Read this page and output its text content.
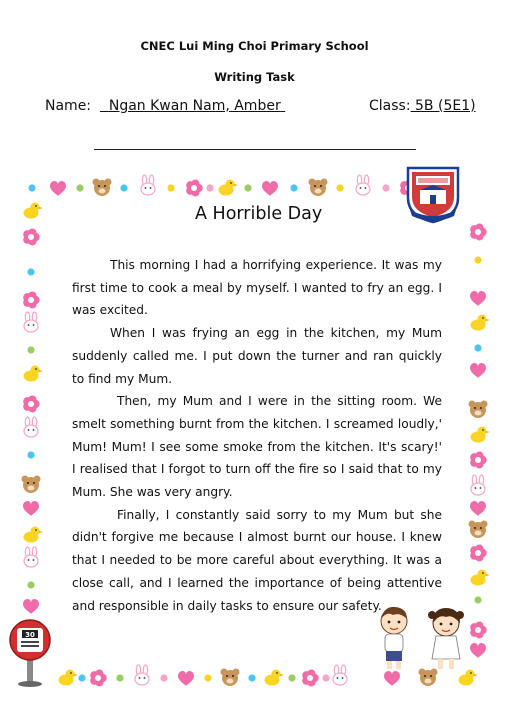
CNEC Lui Ming Choi Primary School
Writing Task
Name: Ngan Kwan Nam, Amber	Class: 5B (5E1)
30
A Horrible Day

This morning I had a horrifying experience. It was my first time to cook a meal by myself. I wanted to fry an egg. I was excited.

When I was frying an egg in the kitchen, my Mum suddenly called me. I put down the turner and ran quickly to find my Mum.

Then, my Mum and I were in the sitting room. We smelt something burnt from the kitchen. I screamed loudly,' Mum! Mum! I see some smoke from the kitchen. It's scary!' I realised that I forgot to turn off the fire so I said that to my Mum. She was very angry.

Finally, I constantly said sorry to my Mum but she didn't forgive me because I almost burnt our house. I knew that I needed to be more careful about everything. It was a close call, and I learned the importance of being attentive and responsible in daily tasks to ensure our safety.
